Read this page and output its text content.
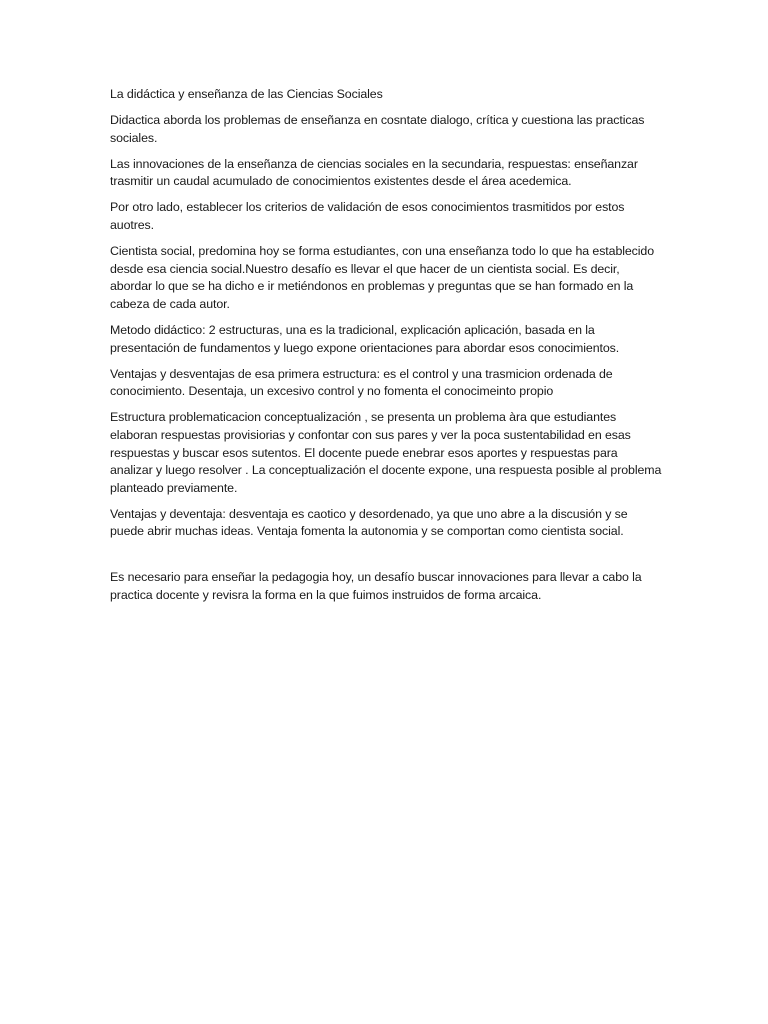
La didáctica y enseñanza de las Ciencias Sociales

Didactica aborda los problemas de enseñanza en cosntate dialogo, crítica y cuestiona las practicas sociales.

Las innovaciones de la enseñanza de ciencias sociales en la secundaria, respuestas: enseñanzar trasmitir un caudal acumulado de conocimientos existentes desde el área acedemica.

Por otro lado, establecer los criterios de validación de esos conocimientos trasmitidos por estos auotres.

Cientista social, predomina hoy se forma estudiantes, con una enseñanza todo lo que ha establecido desde esa ciencia social.Nuestro desafío es llevar el que hacer de un cientista social. Es decir, abordar lo que se ha dicho e ir metiéndonos en problemas y preguntas que se han formado en la cabeza de cada autor.

Metodo didáctico: 2 estructuras, una es la tradicional, explicación aplicación, basada en la presentación de fundamentos y luego expone orientaciones para abordar esos conocimientos.

Ventajas y desventajas de esa primera estructura: es el control y una trasmicion ordenada de conocimiento. Desentaja, un excesivo control y no fomenta el conocimeinto propio

Estructura problematicacion conceptualización , se presenta un problema àra que estudiantes elaboran respuestas provisiorias y confontar con sus pares y ver la poca sustentabilidad en esas respuestas y buscar esos sutentos. El docente puede enebrar esos aportes y respuestas para analizar y luego resolver . La conceptualización el docente expone, una respuesta posible al problema planteado previamente.

Ventajas y deventaja: desventaja es caotico y desordenado, ya que uno abre a la discusión y se puede abrir muchas ideas. Ventaja fomenta la autonomia y se comportan como cientista social.

Es necesario para enseñar la pedagogia hoy, un desafío buscar innovaciones para llevar a cabo la practica docente y revisra la forma en la que fuimos instruidos de forma arcaica.
